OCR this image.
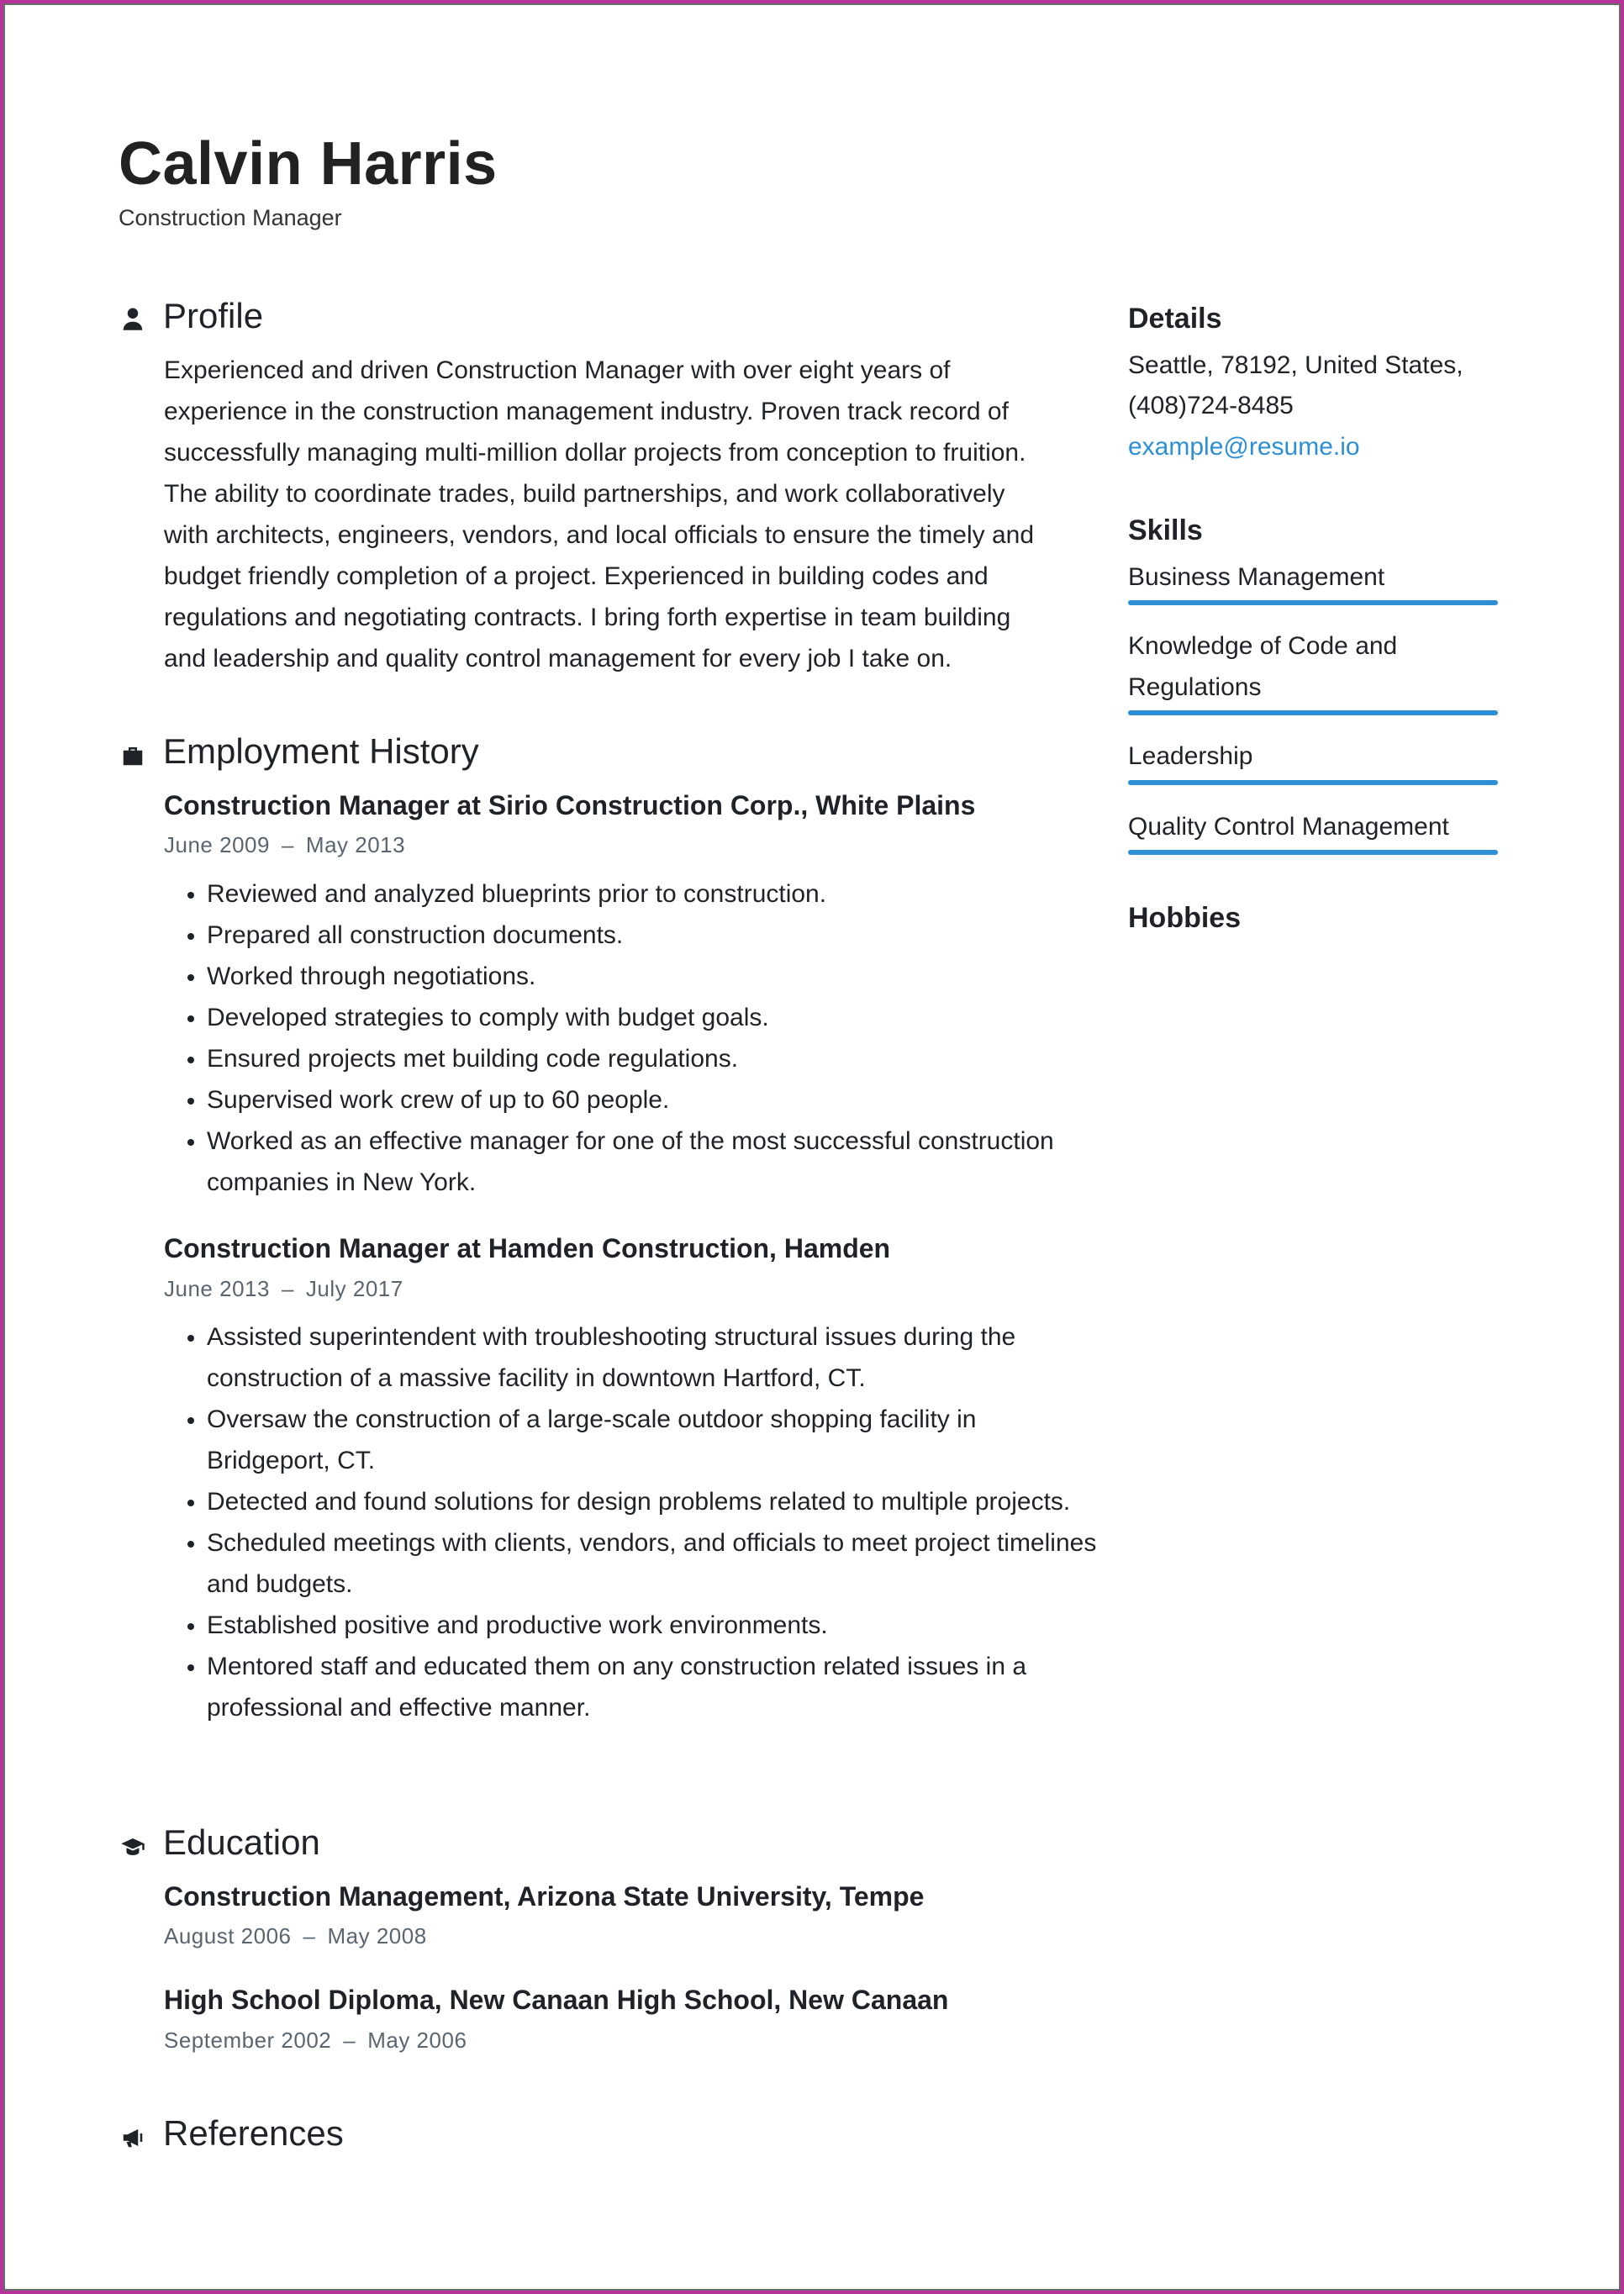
Calvin Harris
Construction Manager
Profile
Experienced and driven Construction Manager with over eight years of experience in the construction management industry. Proven track record of successfully managing multi-million dollar projects from conception to fruition. The ability to coordinate trades, build partnerships, and work collaboratively with architects, engineers, vendors, and local officials to ensure the timely and budget friendly completion of a project. Experienced in building codes and regulations and negotiating contracts. I bring forth expertise in team building and leadership and quality control management for every job I take on.
Employment History
Construction Manager at Sirio Construction Corp., White Plains
June 2009 – May 2013
• Reviewed and analyzed blueprints prior to construction.
• Prepared all construction documents.
• Worked through negotiations.
• Developed strategies to comply with budget goals.
• Ensured projects met building code regulations.
• Supervised work crew of up to 60 people.
• Worked as an effective manager for one of the most successful construction companies in New York.
Construction Manager at Hamden Construction, Hamden
June 2013 – July 2017
• Assisted superintendent with troubleshooting structural issues during the construction of a massive facility in downtown Hartford, CT.
• Oversaw the construction of a large-scale outdoor shopping facility in Bridgeport, CT.
• Detected and found solutions for design problems related to multiple projects.
• Scheduled meetings with clients, vendors, and officials to meet project timelines and budgets.
• Established positive and productive work environments.
• Mentored staff and educated them on any construction related issues in a professional and effective manner.
Education
Construction Management, Arizona State University, Tempe
August 2006 – May 2008
High School Diploma, New Canaan High School, New Canaan
September 2002 – May 2006
References
Details
Seattle, 78192, United States,
(408)724-8485
example@resume.io
Skills
Business Management
Knowledge of Code and Regulations
Leadership
Quality Control Management
Hobbies
